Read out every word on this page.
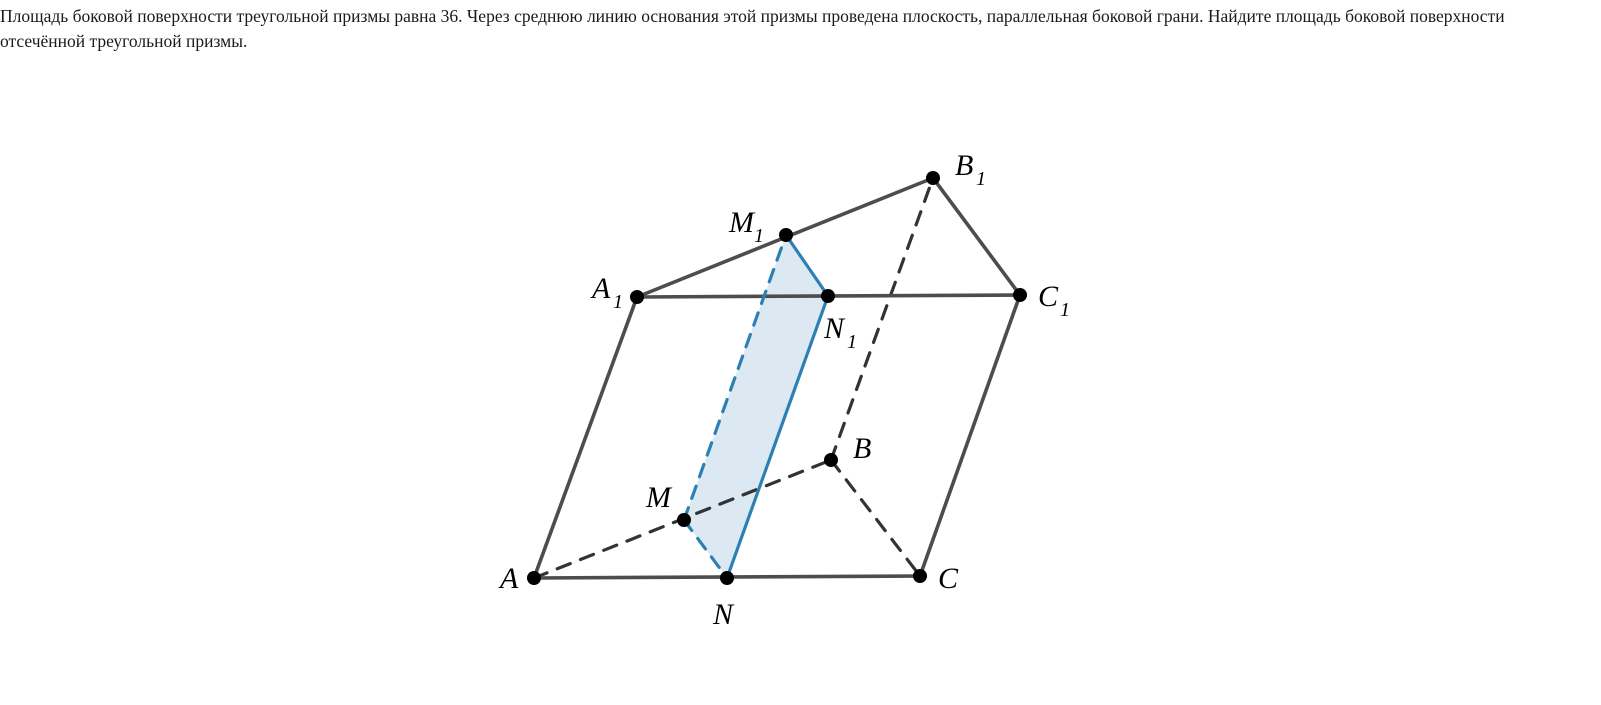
Площадь боковой поверхности треугольной призмы равна 36. Через среднюю линию основания этой призмы проведена плоскость, параллельная боковой грани. Найдите площадь боковой поверхности отсечённой треугольной призмы.
A
B
C
A 1
B 1
C 1
M
N
M 1
N 1
